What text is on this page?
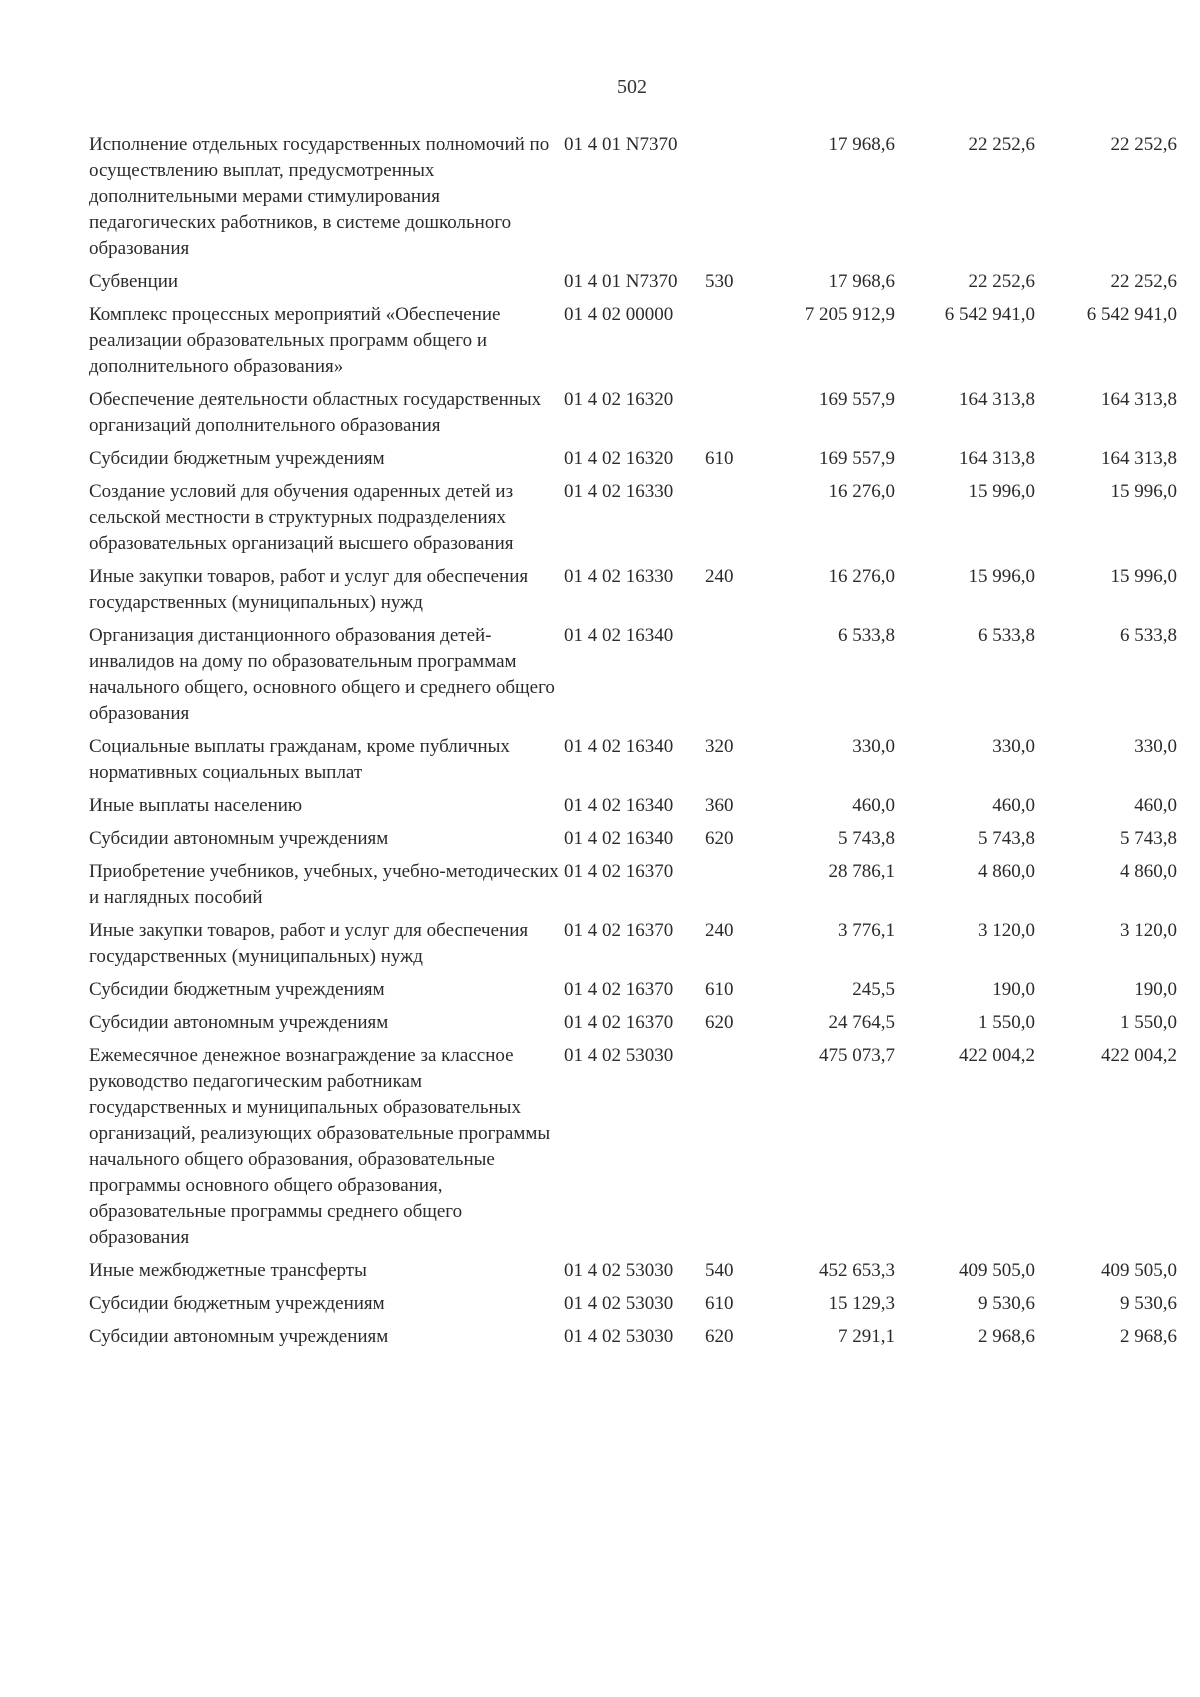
502
Исполнение отдельных государственных полномочий по осуществлению выплат, предусмотренных дополнительными мерами стимулирования педагогических работников, в системе дошкольного образования	01 4 01 N7370		17 968,6	22 252,6	22 252,6
Субвенции	01 4 01 N7370	530	17 968,6	22 252,6	22 252,6
Комплекс процессных мероприятий «Обеспечение реализации образовательных программ общего и дополнительного образования»	01 4 02 00000		7 205 912,9	6 542 941,0	6 542 941,0
Обеспечение деятельности областных государственных организаций дополнительного образования	01 4 02 16320		169 557,9	164 313,8	164 313,8
Субсидии бюджетным учреждениям	01 4 02 16320	610	169 557,9	164 313,8	164 313,8
Создание условий для обучения одаренных детей из сельской местности в структурных подразделениях образовательных организаций высшего образования	01 4 02 16330		16 276,0	15 996,0	15 996,0
Иные закупки товаров, работ и услуг для обеспечения государственных (муниципальных) нужд	01 4 02 16330	240	16 276,0	15 996,0	15 996,0
Организация дистанционного образования детей-инвалидов на дому по образовательным программам начального общего, основного общего и среднего общего образования	01 4 02 16340		6 533,8	6 533,8	6 533,8
Социальные выплаты гражданам, кроме публичных нормативных социальных выплат	01 4 02 16340	320	330,0	330,0	330,0
Иные выплаты населению	01 4 02 16340	360	460,0	460,0	460,0
Субсидии автономным учреждениям	01 4 02 16340	620	5 743,8	5 743,8	5 743,8
Приобретение учебников, учебных, учебно-методических и наглядных пособий	01 4 02 16370		28 786,1	4 860,0	4 860,0
Иные закупки товаров, работ и услуг для обеспечения государственных (муниципальных) нужд	01 4 02 16370	240	3 776,1	3 120,0	3 120,0
Субсидии бюджетным учреждениям	01 4 02 16370	610	245,5	190,0	190,0
Субсидии автономным учреждениям	01 4 02 16370	620	24 764,5	1 550,0	1 550,0
Ежемесячное денежное вознаграждение за классное руководство педагогическим работникам государственных и муниципальных образовательных организаций, реализующих образовательные программы начального общего образования, образовательные программы основного общего образования, образовательные программы среднего общего образования	01 4 02 53030		475 073,7	422 004,2	422 004,2
Иные межбюджетные трансферты	01 4 02 53030	540	452 653,3	409 505,0	409 505,0
Субсидии бюджетным учреждениям	01 4 02 53030	610	15 129,3	9 530,6	9 530,6
Субсидии автономным учреждениям	01 4 02 53030	620	7 291,1	2 968,6	2 968,6
